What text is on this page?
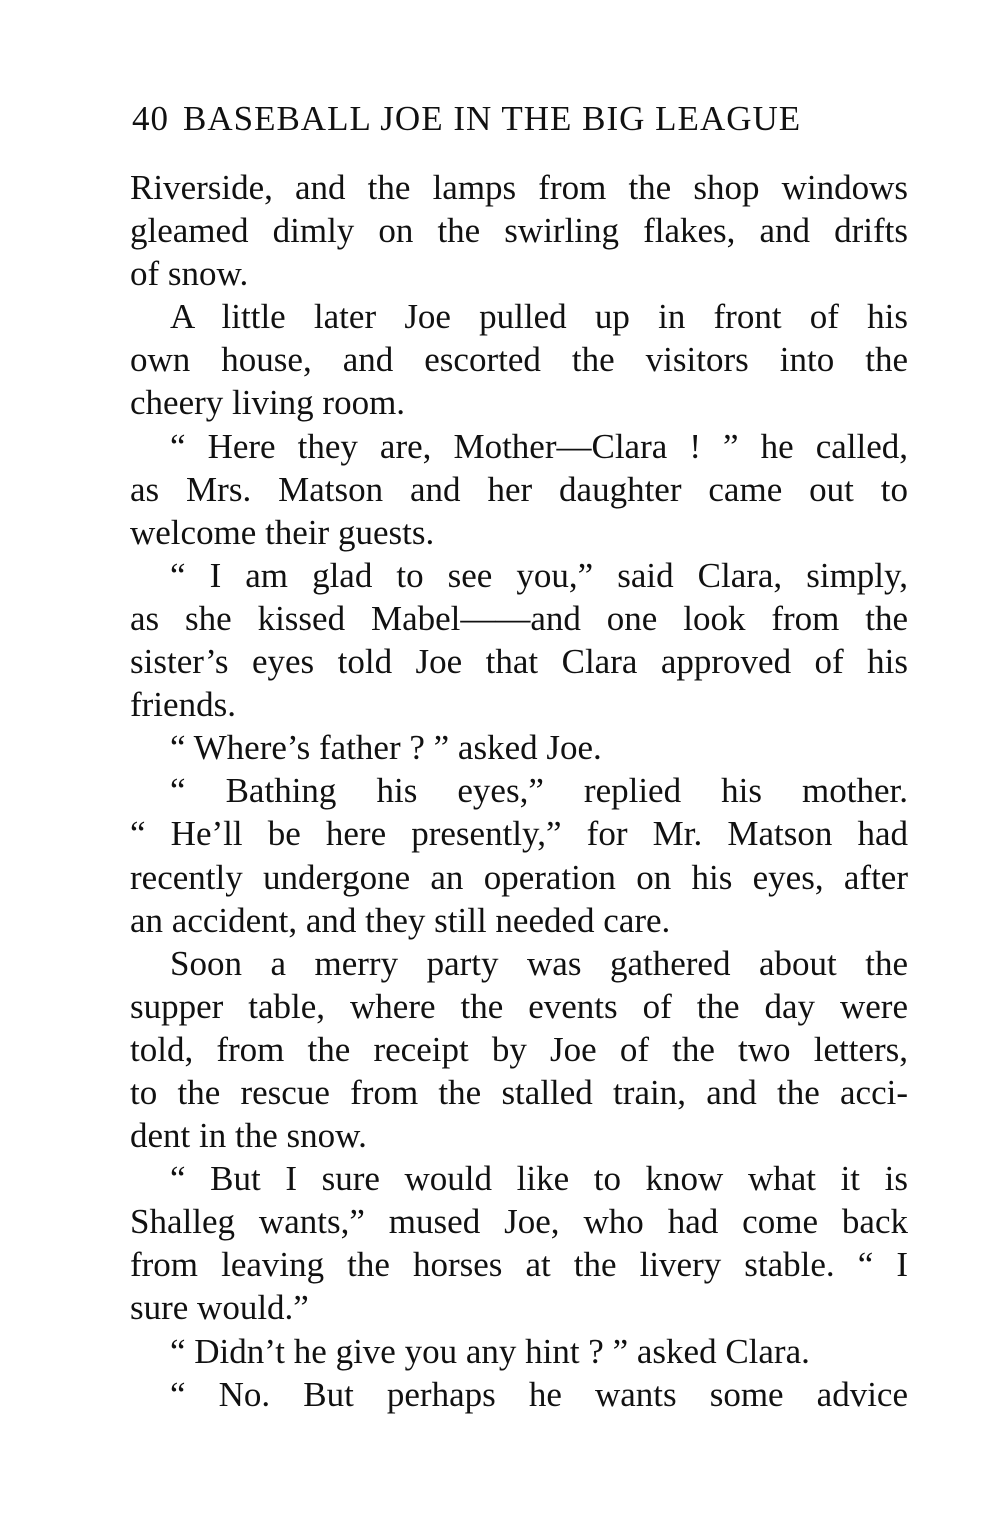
40 BASEBALL JOE IN THE BIG LEAGUE
Riverside, and the lamps from the shop windows
gleamed dimly on the swirling flakes, and drifts
of snow.
A little later Joe pulled up in front of his
own house, and escorted the visitors into the
cheery living room.
“ Here they are, Mother—Clara ! ” he called,
as Mrs. Matson and her daughter came out to
welcome their guests.
“ I am glad to see you,” said Clara, simply,
as she kissed Mabel——and one look from the
sister’s eyes told Joe that Clara approved of his
friends.
“ Where’s father ? ” asked Joe.
“ Bathing his eyes,” replied his mother.
“ He’ll be here presently,” for Mr. Matson had
recently undergone an operation on his eyes, after
an accident, and they still needed care.
Soon a merry party was gathered about the
supper table, where the events of the day were
told, from the receipt by Joe of the two letters,
to the rescue from the stalled train, and the acci-
dent in the snow.
“ But I sure would like to know what it is
Shalleg wants,” mused Joe, who had come back
from leaving the horses at the livery stable. “ I
sure would.”
“ Didn’t he give you any hint ? ” asked Clara.
“ No. But perhaps he wants some advice
